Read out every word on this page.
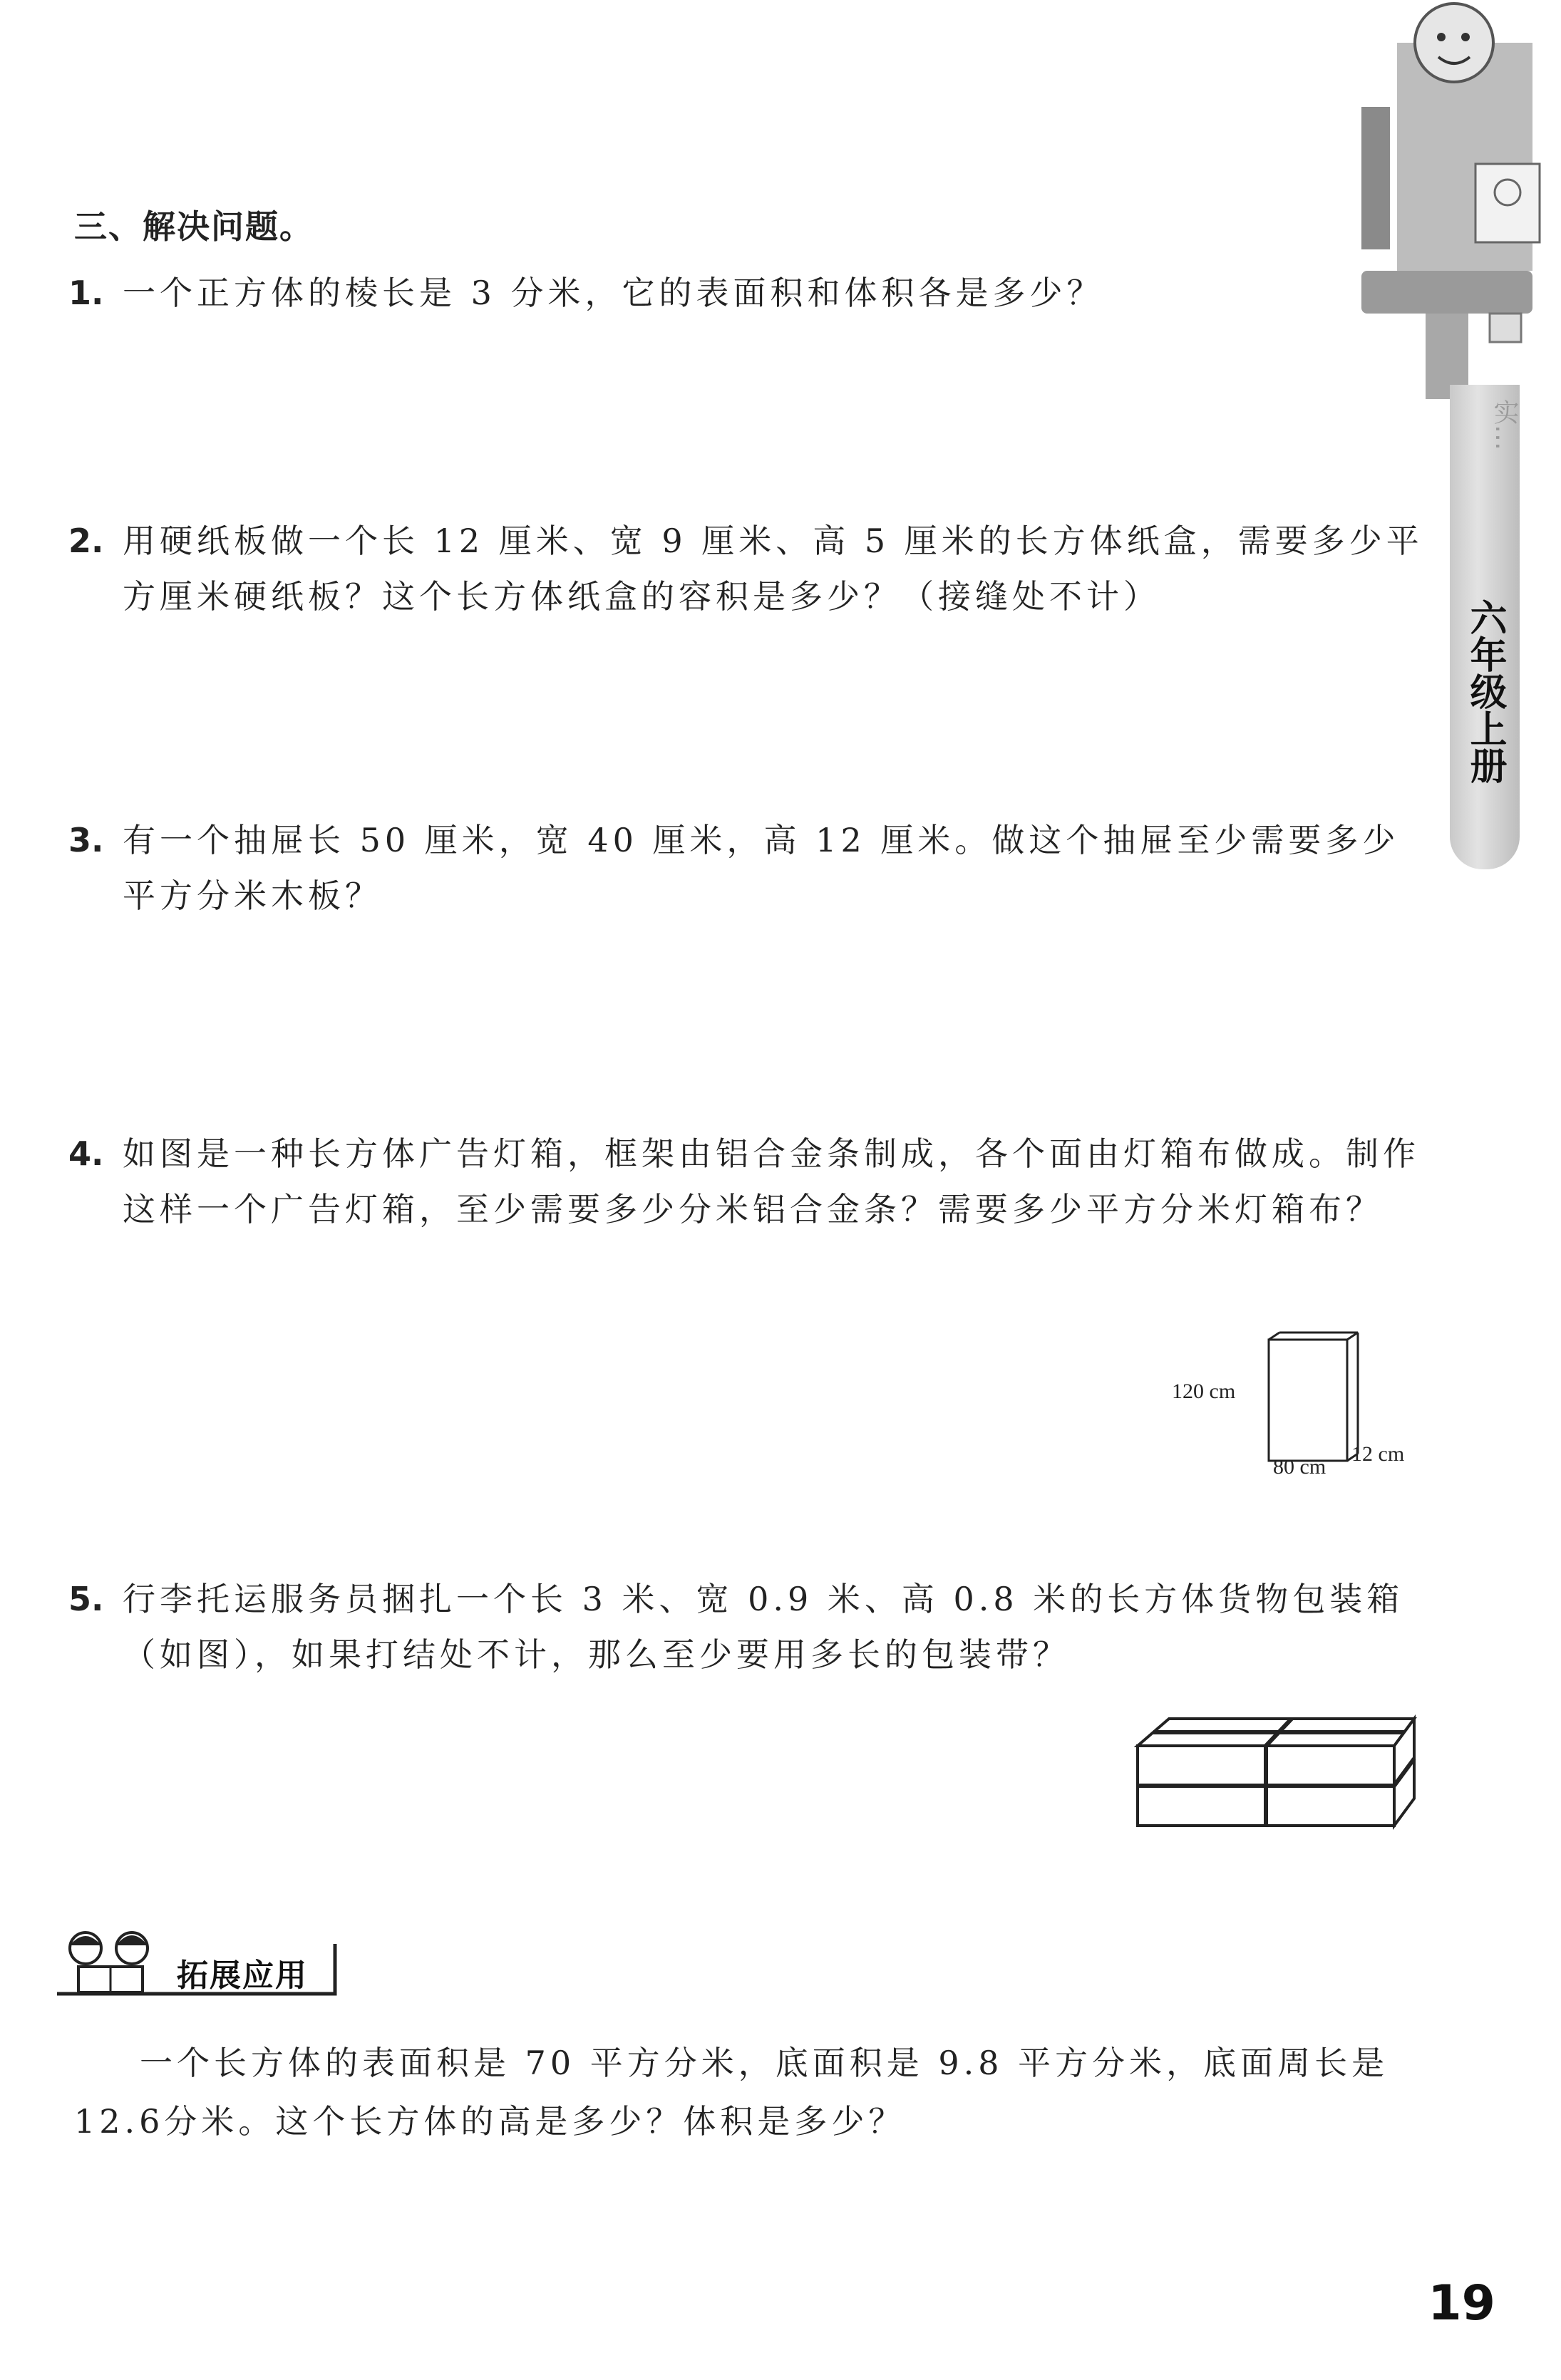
实…
六年级上册
三、解决问题。
1. 一个正方体的棱长是 3 分米，它的表面积和体积各是多少？
2. 用硬纸板做一个长 12 厘米、宽 9 厘米、高 5 厘米的长方体纸盒，需要多少平方厘米硬纸板？这个长方体纸盒的容积是多少？（接缝处不计）
3. 有一个抽屉长 50 厘米，宽 40 厘米，高 12 厘米。做这个抽屉至少需要多少平方分米木板？
4. 如图是一种长方体广告灯箱，框架由铝合金条制成，各个面由灯箱布做成。制作这样一个广告灯箱，至少需要多少分米铝合金条？需要多少平方分米灯箱布？
120 cm
80 cm
12 cm
5. 行李托运服务员捆扎一个长 3 米、宽 0.9 米、高 0.8 米的长方体货物包装箱（如图），如果打结处不计，那么至少要用多长的包装带？
拓展应用
一个长方体的表面积是 70 平方分米，底面积是 9.8 平方分米，底面周长是 12.6分米。这个长方体的高是多少？体积是多少？
19
